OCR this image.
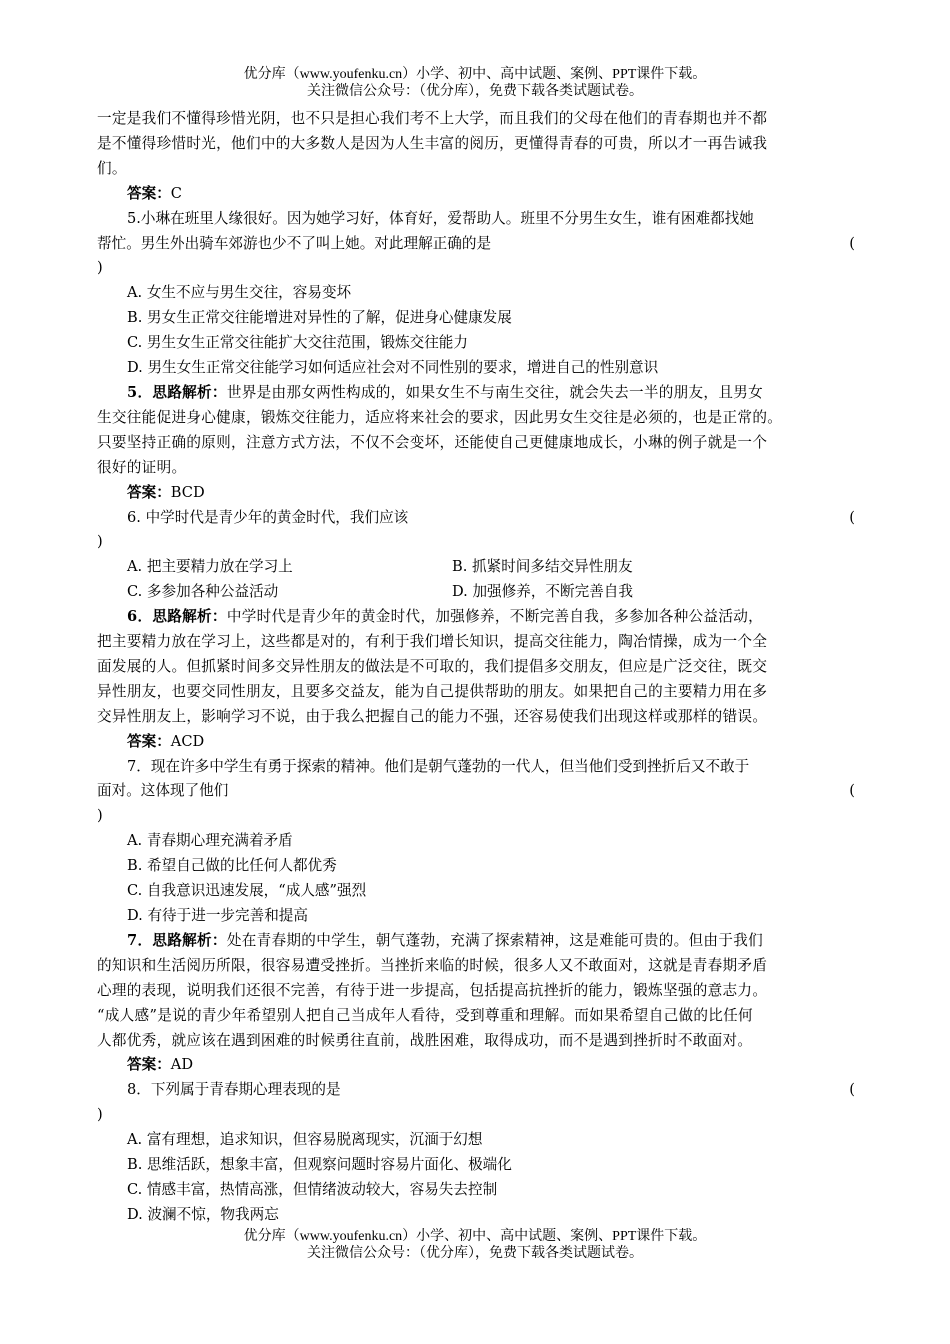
优分库（www.youfenku.cn）小学、初中、高中试题、案例、PPT课件下载。
关注微信公众号：（优分库），免费下载各类试题试卷。

一定是我们不懂得珍惜光阴，也不只是担心我们考不上大学，而且我们的父母在他们的青春期也并不都

是不懂得珍惜时光，他们中的大多数人是因为人生丰富的阅历，更懂得青春的可贵，所以才一再告诫我

们。

答案：C

5.小琳在班里人缘很好。因为她学习好，体育好，爱帮助人。班里不分男生女生，谁有困难都找她

帮忙。男生外出骑车郊游也少不了叫上她。对此理解正确的是	(

)

A. 女生不应与男生交往，容易变坏

B. 男女生正常交往能增进对异性的了解，促进身心健康发展

C. 男生女生正常交往能扩大交往范围，锻炼交往能力

D. 男生女生正常交往能学习如何适应社会对不同性别的要求，增进自己的性别意识

5．思路解析：世界是由那女两性构成的，如果女生不与南生交往，就会失去一半的朋友，且男女

生交往能促进身心健康，锻炼交往能力，适应将来社会的要求，因此男女生交往是必须的，也是正常的。

只要坚持正确的原则，注意方式方法，不仅不会变坏，还能使自己更健康地成长，小琳的例子就是一个

很好的证明。

答案：BCD

6. 中学时代是青少年的黄金时代，我们应该	(

)

A. 把主要精力放在学习上	B. 抓紧时间多结交异性朋友

C. 多参加各种公益活动	D. 加强修养，不断完善自我

6．思路解析：中学时代是青少年的黄金时代，加强修养，不断完善自我，多参加各种公益活动，

把主要精力放在学习上，这些都是对的，有利于我们增长知识，提高交往能力，陶冶情操，成为一个全

面发展的人。但抓紧时间多交异性朋友的做法是不可取的，我们提倡多交朋友，但应是广泛交往，既交

异性朋友，也要交同性朋友，且要多交益友，能为自己提供帮助的朋友。如果把自己的主要精力用在多

交异性朋友上，影响学习不说，由于我么把握自己的能力不强，还容易使我们出现这样或那样的错误。

答案：ACD

7．现在许多中学生有勇于探索的精神。他们是朝气蓬勃的一代人，但当他们受到挫折后又不敢于

面对。这体现了他们	(

)

A. 青春期心理充满着矛盾

B. 希望自己做的比任何人都优秀

C. 自我意识迅速发展，“成人感”强烈

D. 有待于进一步完善和提高

7．思路解析：处在青春期的中学生，朝气蓬勃，充满了探索精神，这是难能可贵的。但由于我们

的知识和生活阅历所限，很容易遭受挫折。当挫折来临的时候，很多人又不敢面对，这就是青春期矛盾

心理的表现，说明我们还很不完善，有待于进一步提高，包括提高抗挫折的能力，锻炼坚强的意志力。

“成人感”是说的青少年希望别人把自己当成年人看待，受到尊重和理解。而如果希望自己做的比任何

人都优秀，就应该在遇到困难的时候勇往直前，战胜困难，取得成功，而不是遇到挫折时不敢面对。

答案：AD

8．下列属于青春期心理表现的是	(

)

A. 富有理想，追求知识，但容易脱离现实，沉湎于幻想

B. 思维活跃，想象丰富，但观察问题时容易片面化、极端化

C. 情感丰富，热情高涨，但情绪波动较大，容易失去控制

D. 波澜不惊，物我两忘

优分库（www.youfenku.cn）小学、初中、高中试题、案例、PPT课件下载。
关注微信公众号：（优分库），免费下载各类试题试卷。
